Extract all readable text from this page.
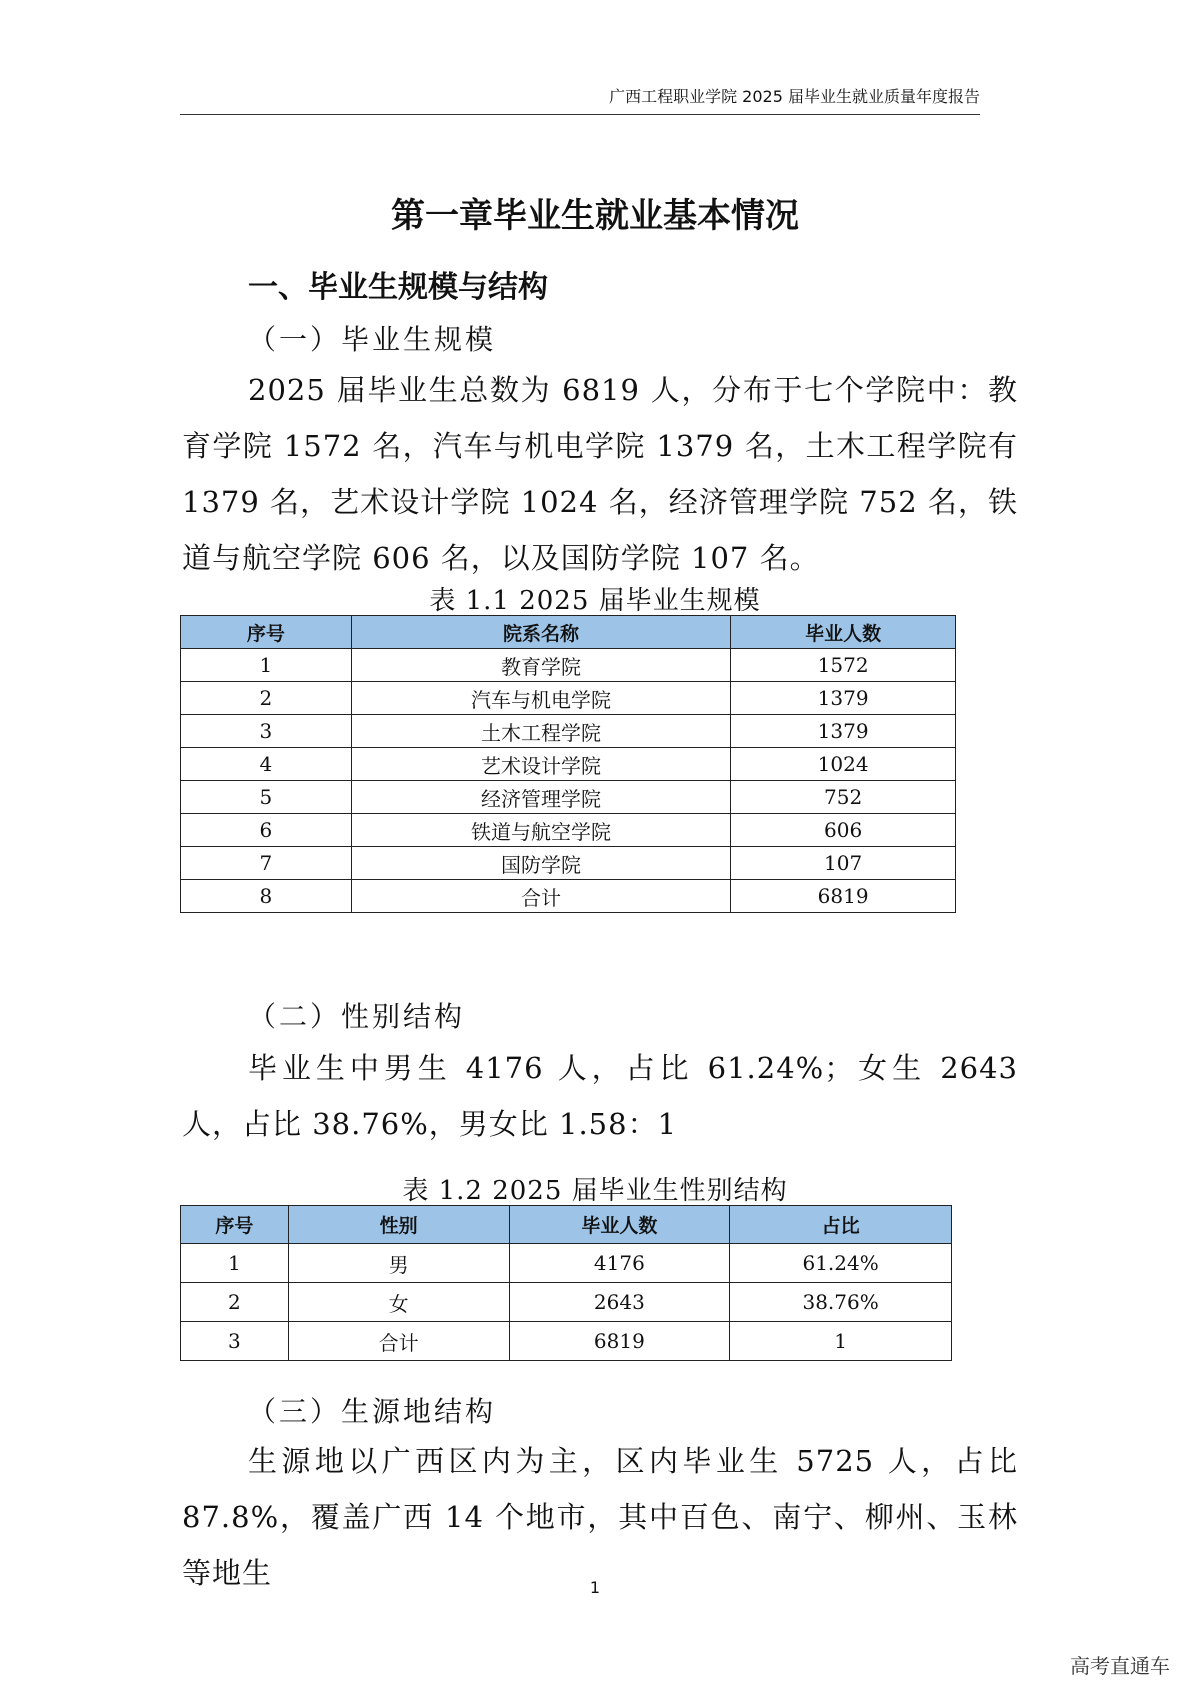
广西工程职业学院 2025 届毕业生就业质量年度报告
第一章毕业生就业基本情况
一、毕业生规模与结构
（一）毕业生规模

2025 届毕业生总数为 6819 人，分布于七个学院中：教育学院 1572 名，汽车与机电学院 1379 名，土木工程学院有 1379 名，艺术设计学院 1024 名，经济管理学院 752 名，铁道与航空学院 606 名，以及国防学院 107 名。

表 1.1 2025 届毕业生规模
序号	院系名称	毕业人数
1	教育学院	1572
2	汽车与机电学院	1379
3	土木工程学院	1379
4	艺术设计学院	1024
5	经济管理学院	752
6	铁道与航空学院	606
7	国防学院	107
8	合计	6819
（二）性别结构

毕业生中男生 4176 人，占比 61.24%；女生 2643 人，占比 38.76%，男女比 1.58：1

表 1.2 2025 届毕业生性别结构
序号	性别	毕业人数	占比
1	男	4176	61.24%
2	女	2643	38.76%
3	合计	6819	1
（三）生源地结构

生源地以广西区内为主，区内毕业生 5725 人，占比 87.8%，覆盖广西 14 个地市，其中百色、南宁、柳州、玉林等地生	1
高考直通车
